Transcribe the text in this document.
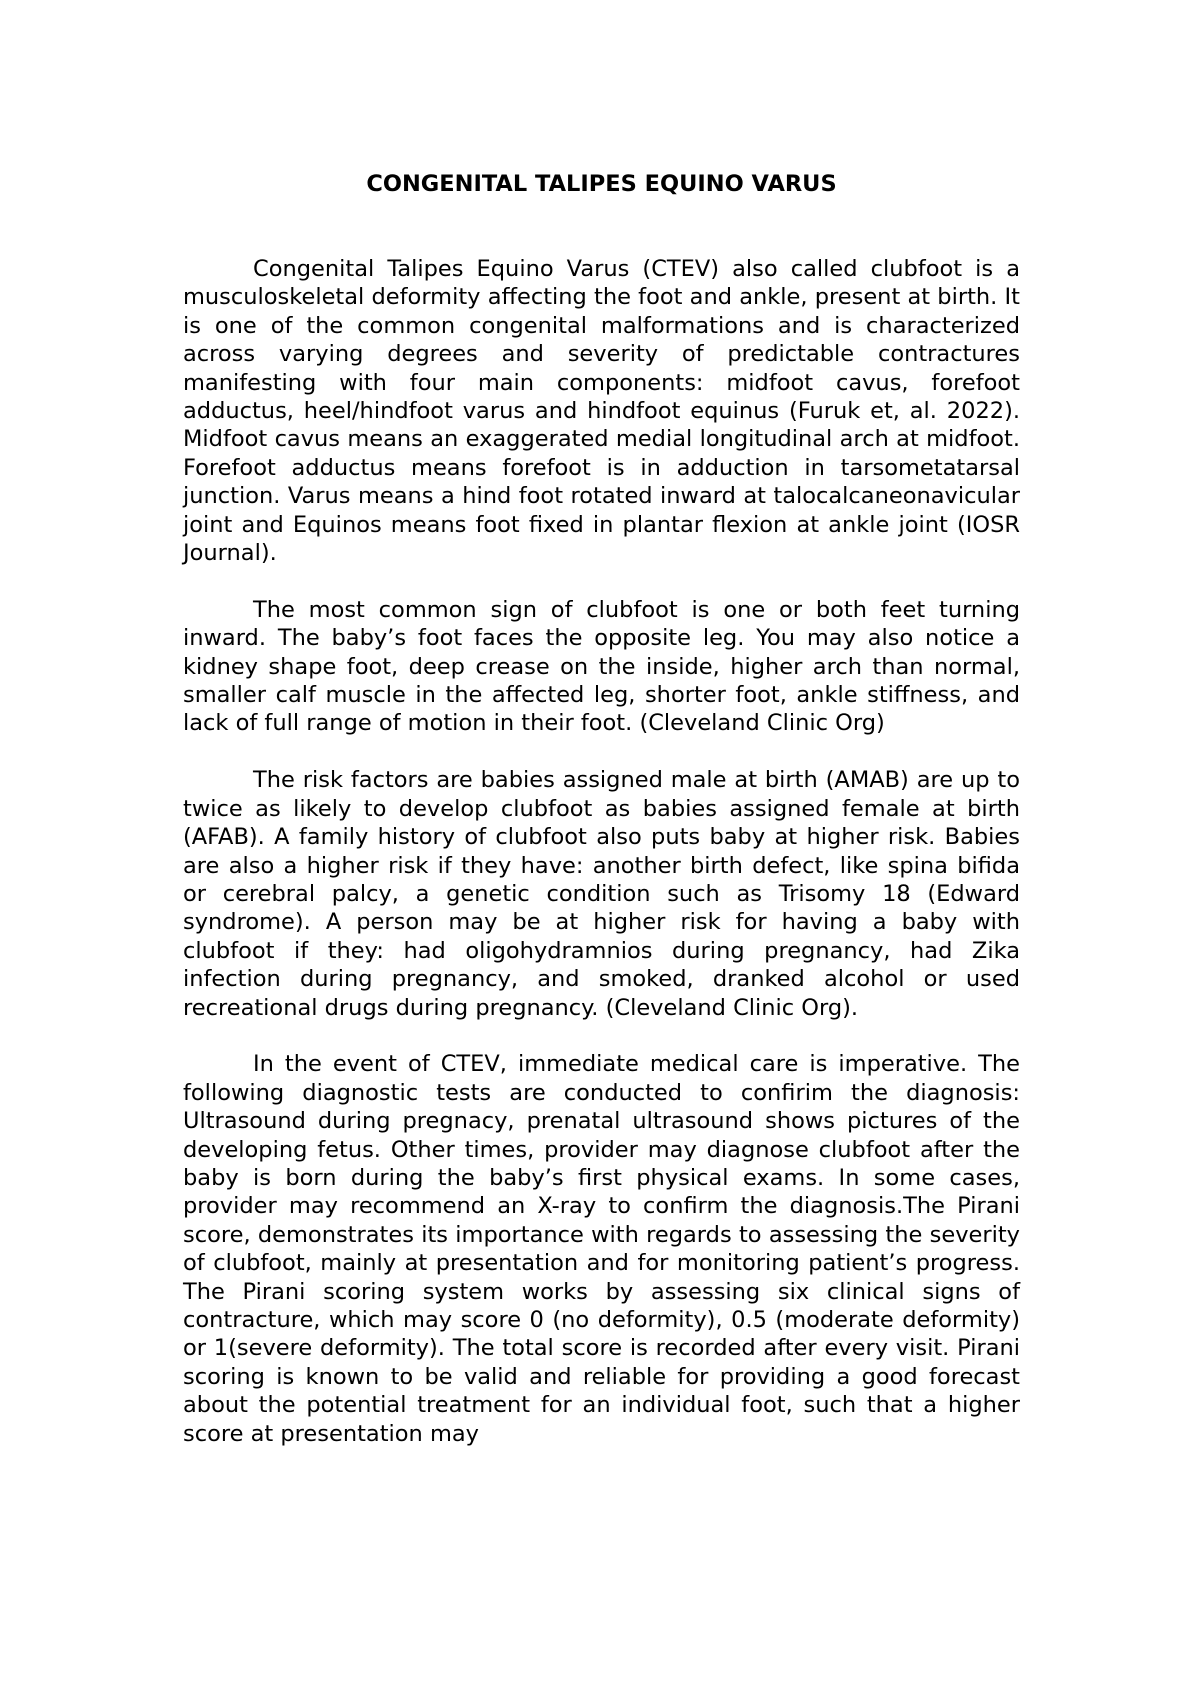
CONGENITAL TALIPES EQUINO VARUS

Congenital Talipes Equino Varus (CTEV) also called clubfoot is a musculoskeletal deformity affecting the foot and ankle, present at birth. It is one of the common congenital malformations and is characterized across varying degrees and severity of predictable contractures manifesting with four main components: midfoot cavus, forefoot adductus, heel/hindfoot varus and hindfoot equinus (Furuk et, al. 2022). Midfoot cavus means an exaggerated medial longitudinal arch at midfoot. Forefoot adductus means forefoot is in adduction in tarsometatarsal junction. Varus means a hind foot rotated inward at talocalcaneonavicular joint and Equinos means foot fixed in plantar flexion at ankle joint (IOSR Journal).

The most common sign of clubfoot is one or both feet turning inward. The baby’s foot faces the opposite leg. You may also notice a kidney shape foot, deep crease on the inside, higher arch than normal, smaller calf muscle in the affected leg, shorter foot, ankle stiffness, and lack of full range of motion in their foot. (Cleveland Clinic Org)

The risk factors are babies assigned male at birth (AMAB) are up to twice as likely to develop clubfoot as babies assigned female at birth (AFAB). A family history of clubfoot also puts baby at higher risk. Babies are also a higher risk if they have: another birth defect, like spina bifida or cerebral palcy, a genetic condition such as Trisomy 18 (Edward syndrome). A person may be at higher risk for having a baby with clubfoot if they: had oligohydramnios during pregnancy, had Zika infection during pregnancy, and smoked, dranked alcohol or used recreational drugs during pregnancy. (Cleveland Clinic Org).

In the event of CTEV, immediate medical care is imperative. The following diagnostic tests are conducted to confirim the diagnosis: Ultrasound during pregnacy, prenatal ultrasound shows pictures of the developing fetus. Other times, provider may diagnose clubfoot after the baby is born during the baby’s first physical exams. In some cases, provider may recommend an X-ray to confirm the diagnosis.The Pirani score, demonstrates its importance with regards to assessing the severity of clubfoot, mainly at presentation and for monitoring patient’s progress. The Pirani scoring system works by assessing six clinical signs of contracture, which may score 0 (no deformity), 0.5 (moderate deformity) or 1(severe deformity). The total score is recorded after every visit. Pirani scoring is known to be valid and reliable for providing a good forecast about the potential treatment for an individual foot, such that a higher score at presentation may
